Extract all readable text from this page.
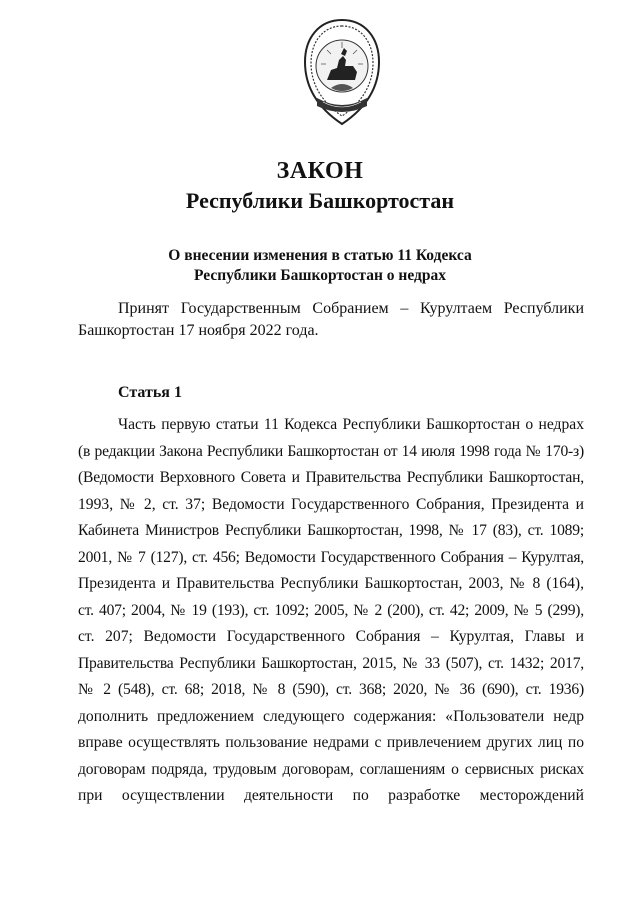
ЗАКОН
Республики Башкортостан
О внесении изменения в статью 11 Кодекса
Республики Башкортостан о недрах

Принят Государственным Собранием – Курултаем Республики Башкортостан 17 ноября 2022 года.

Статья 1
Часть первую статьи 11 Кодекса Республики Башкортостан о недрах
(в редакции Закона Республики Башкортостан от 14 июля 1998 года № 170-з)
(Ведомости Верховного Совета и Правительства Республики Башкортостан,
1993, № 2, ст. 37; Ведомости Государственного Собрания, Президента и
Кабинета Министров Республики Башкортостан, 1998, № 17 (83), ст. 1089;
2001, № 7 (127), ст. 456; Ведомости Государственного Собрания – Курултая,
Президента и Правительства Республики Башкортостан, 2003, № 8 (164),
ст. 407; 2004, № 19 (193), ст. 1092; 2005, № 2 (200), ст. 42; 2009, № 5 (299),
ст. 207; Ведомости Государственного Собрания – Курултая, Главы и
Правительства Республики Башкортостан, 2015, № 33 (507), ст. 1432; 2017,
№ 2 (548), ст. 68; 2018, № 8 (590), ст. 368; 2020, № 36 (690), ст. 1936)
дополнить предложением следующего содержания: «Пользователи недр
вправе осуществлять пользование недрами с привлечением других лиц по
договорам подряда, трудовым договорам, соглашениям о сервисных рисках
при осуществлении деятельности по разработке месторождений
